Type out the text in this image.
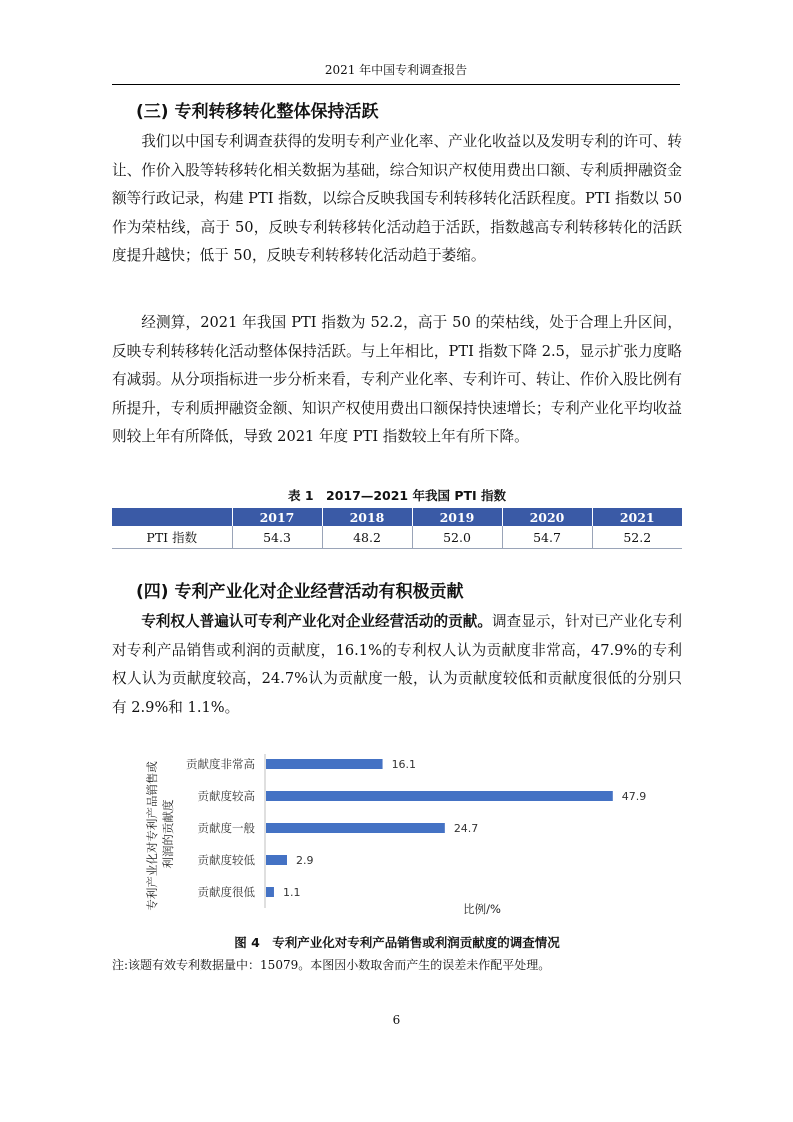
2021 年中国专利调查报告
(三) 专利转移转化整体保持活跃

我们以中国专利调查获得的发明专利产业化率、产业化收益以及发明专利的许可、转让、作价入股等转移转化相关数据为基础，综合知识产权使用费出口额、专利质押融资金额等行政记录，构建 PTI 指数，以综合反映我国专利转移转化活跃程度。PTI 指数以 50 作为荣枯线，高于 50，反映专利转移转化活动趋于活跃，指数越高专利转移转化的活跃度提升越快；低于 50，反映专利转移转化活动趋于萎缩。

经测算，2021 年我国 PTI 指数为 52.2，高于 50 的荣枯线，处于合理上升区间，反映专利转移转化活动整体保持活跃。与上年相比，PTI 指数下降 2.5，显示扩张力度略有减弱。从分项指标进一步分析来看，专利产业化率、专利许可、转让、作价入股比例有所提升，专利质押融资金额、知识产权使用费出口额保持快速增长；专利产业化平均收益则较上年有所降低，导致 2021 年度 PTI 指数较上年有所下降。

表 1　2017—2021 年我国 PTI 指数
	2017	2018	2019	2020	2021
PTI 指数	54.3	48.2	52.0	54.7	52.2
(四) 专利产业化对企业经营活动有积极贡献

专利权人普遍认可专利产业化对企业经营活动的贡献。调查显示，针对已产业化专利对专利产品销售或利润的贡献度，16.1%的专利权人认为贡献度非常高，47.9%的专利权人认为贡献度较高，24.7%认为贡献度一般，认为贡献度较低和贡献度很低的分别只有 2.9%和 1.1%。

专利产业化对专利产品销售或 利润的贡献度
贡献度非常高	16.1
贡献度较高	47.9
贡献度一般	24.7
贡献度较低	2.9
贡献度很低	1.1
比例/%
图 4　专利产业化对专利产品销售或利润贡献度的调查情况
注:该题有效专利数据量中：15079。本图因小数取舍而产生的误差未作配平处理。
6
